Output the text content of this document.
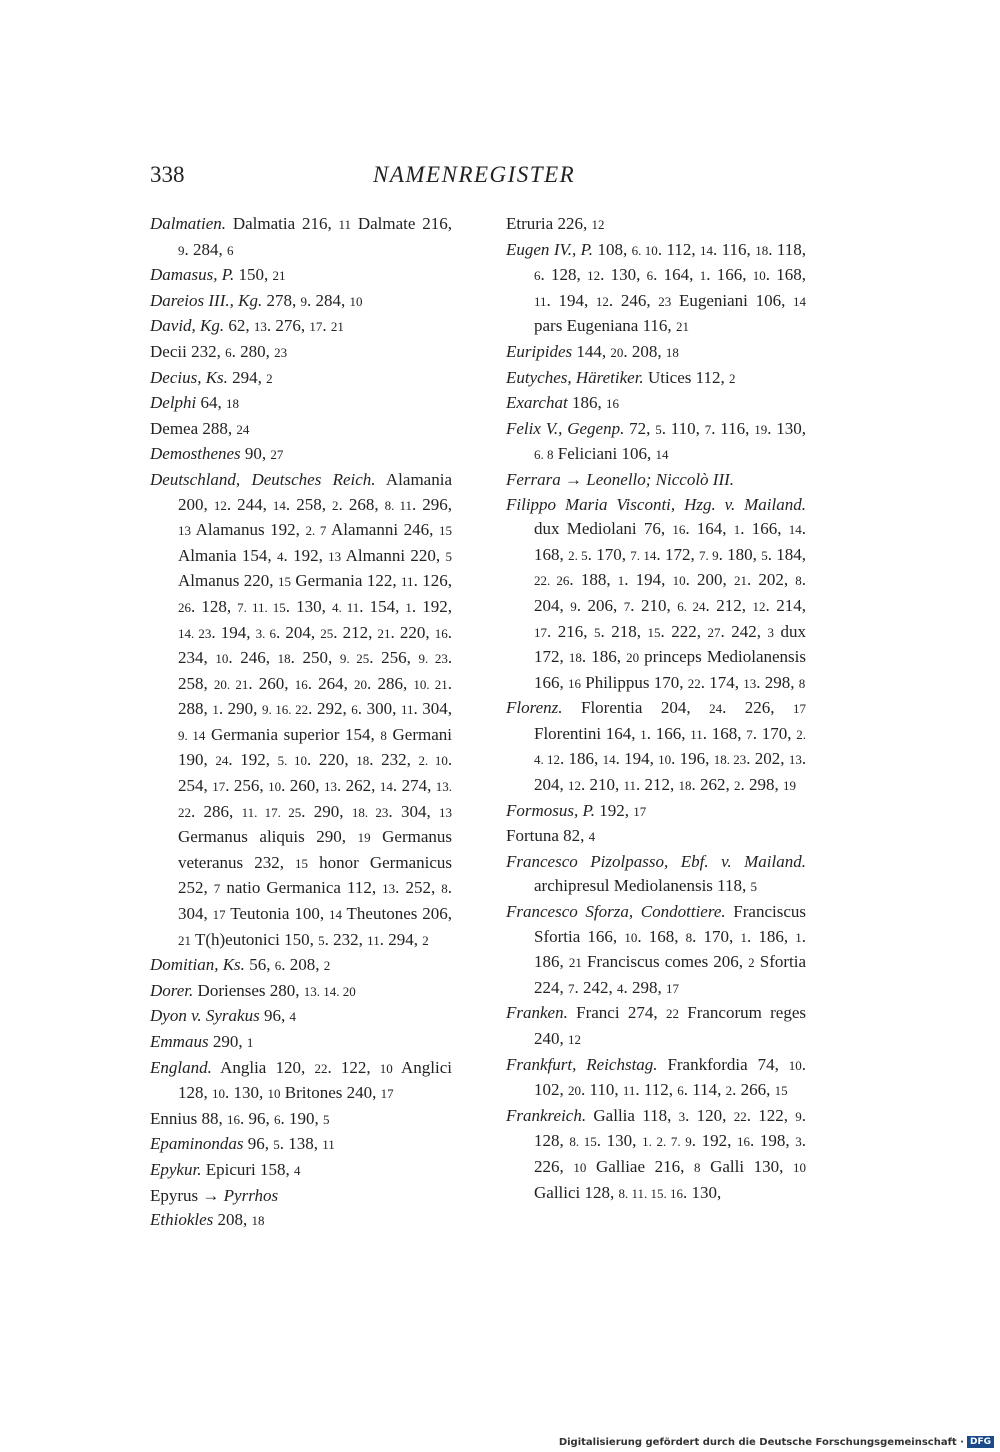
338	NAMENREGISTER

Dalmatien. Dalmatia 216, 11 Dalmate 216, 9. 284, 6

Damasus, P. 150, 21

Dareios III., Kg. 278, 9. 284, 10

David, Kg. 62, 13. 276, 17. 21

Decii 232, 6. 280, 23

Decius, Ks. 294, 2

Delphi 64, 18

Demea 288, 24

Demosthenes 90, 27

Deutschland, Deutsches Reich. Alamania 200, 12. 244, 14. 258, 2. 268, 8. 11. 296, 13 Alamanus 192, 2. 7 Alamanni 246, 15 Almania 154, 4. 192, 13 Almanni 220, 5 Almanus 220, 15 Germania 122, 11. 126, 26. 128, 7. 11. 15. 130, 4. 11. 154, 1. 192, 14. 23. 194, 3. 6. 204, 25. 212, 21. 220, 16. 234, 10. 246, 18. 250, 9. 25. 256, 9. 23. 258, 20. 21. 260, 16. 264, 20. 286, 10. 21. 288, 1. 290, 9. 16. 22. 292, 6. 300, 11. 304, 9. 14 Germania superior 154, 8 Germani 190, 24. 192, 5. 10. 220, 18. 232, 2. 10. 254, 17. 256, 10. 260, 13. 262, 14. 274, 13. 22. 286, 11. 17. 25. 290, 18. 23. 304, 13 Germanus aliquis 290, 19 Germanus veteranus 232, 15 honor Germanicus 252, 7 natio Germanica 112, 13. 252, 8. 304, 17 Teutonia 100, 14 Theutones 206, 21 T(h)eutonici 150, 5. 232, 11. 294, 2

Domitian, Ks. 56, 6. 208, 2

Dorer. Dorienses 280, 13. 14. 20

Dyon v. Syrakus 96, 4

Emmaus 290, 1

England. Anglia 120, 22. 122, 10 Anglici 128, 10. 130, 10 Britones 240, 17

Ennius 88, 16. 96, 6. 190, 5

Epaminondas 96, 5. 138, 11

Epykur. Epicuri 158, 4

Epyrus → Pyrrhos

Ethiokles 208, 18

Etruria 226, 12

Eugen IV., P. 108, 6. 10. 112, 14. 116, 18. 118, 6. 128, 12. 130, 6. 164, 1. 166, 10. 168, 11. 194, 12. 246, 23 Eugeniani 106, 14 pars Eugeniana 116, 21

Euripides 144, 20. 208, 18

Eutyches, Häretiker. Utices 112, 2

Exarchat 186, 16

Felix V., Gegenp. 72, 5. 110, 7. 116, 19. 130, 6. 8 Feliciani 106, 14

Ferrara → Leonello; Niccolò III.

Filippo Maria Visconti, Hzg. v. Mailand. dux Mediolani 76, 16. 164, 1. 166, 14. 168, 2. 5. 170, 7. 14. 172, 7. 9. 180, 5. 184, 22. 26. 188, 1. 194, 10. 200, 21. 202, 8. 204, 9. 206, 7. 210, 6. 24. 212, 12. 214, 17. 216, 5. 218, 15. 222, 27. 242, 3 dux 172, 18. 186, 20 princeps Mediolanensis 166, 16 Philippus 170, 22. 174, 13. 298, 8

Florenz. Florentia 204, 24. 226, 17 Florentini 164, 1. 166, 11. 168, 7. 170, 2. 4. 12. 186, 14. 194, 10. 196, 18. 23. 202, 13. 204, 12. 210, 11. 212, 18. 262, 2. 298, 19

Formosus, P. 192, 17

Fortuna 82, 4

Francesco Pizolpasso, Ebf. v. Mailand. archipresul Mediolanensis 118, 5

Francesco Sforza, Condottiere. Franciscus Sfortia 166, 10. 168, 8. 170, 1. 186, 1. 186, 21 Franciscus comes 206, 2 Sfortia 224, 7. 242, 4. 298, 17

Franken. Franci 274, 22 Francorum reges 240, 12

Frankfurt, Reichstag. Frankfordia 74, 10. 102, 20. 110, 11. 112, 6. 114, 2. 266, 15

Frankreich. Gallia 118, 3. 120, 22. 122, 9. 128, 8. 15. 130, 1. 2. 7. 9. 192, 16. 198, 3. 226, 10 Galliae 216, 8 Galli 130, 10 Gallici 128, 8. 11. 15. 16. 130,

Digitalisierung gefördert durch die Deutsche Forschungsgemeinschaft · DFG
